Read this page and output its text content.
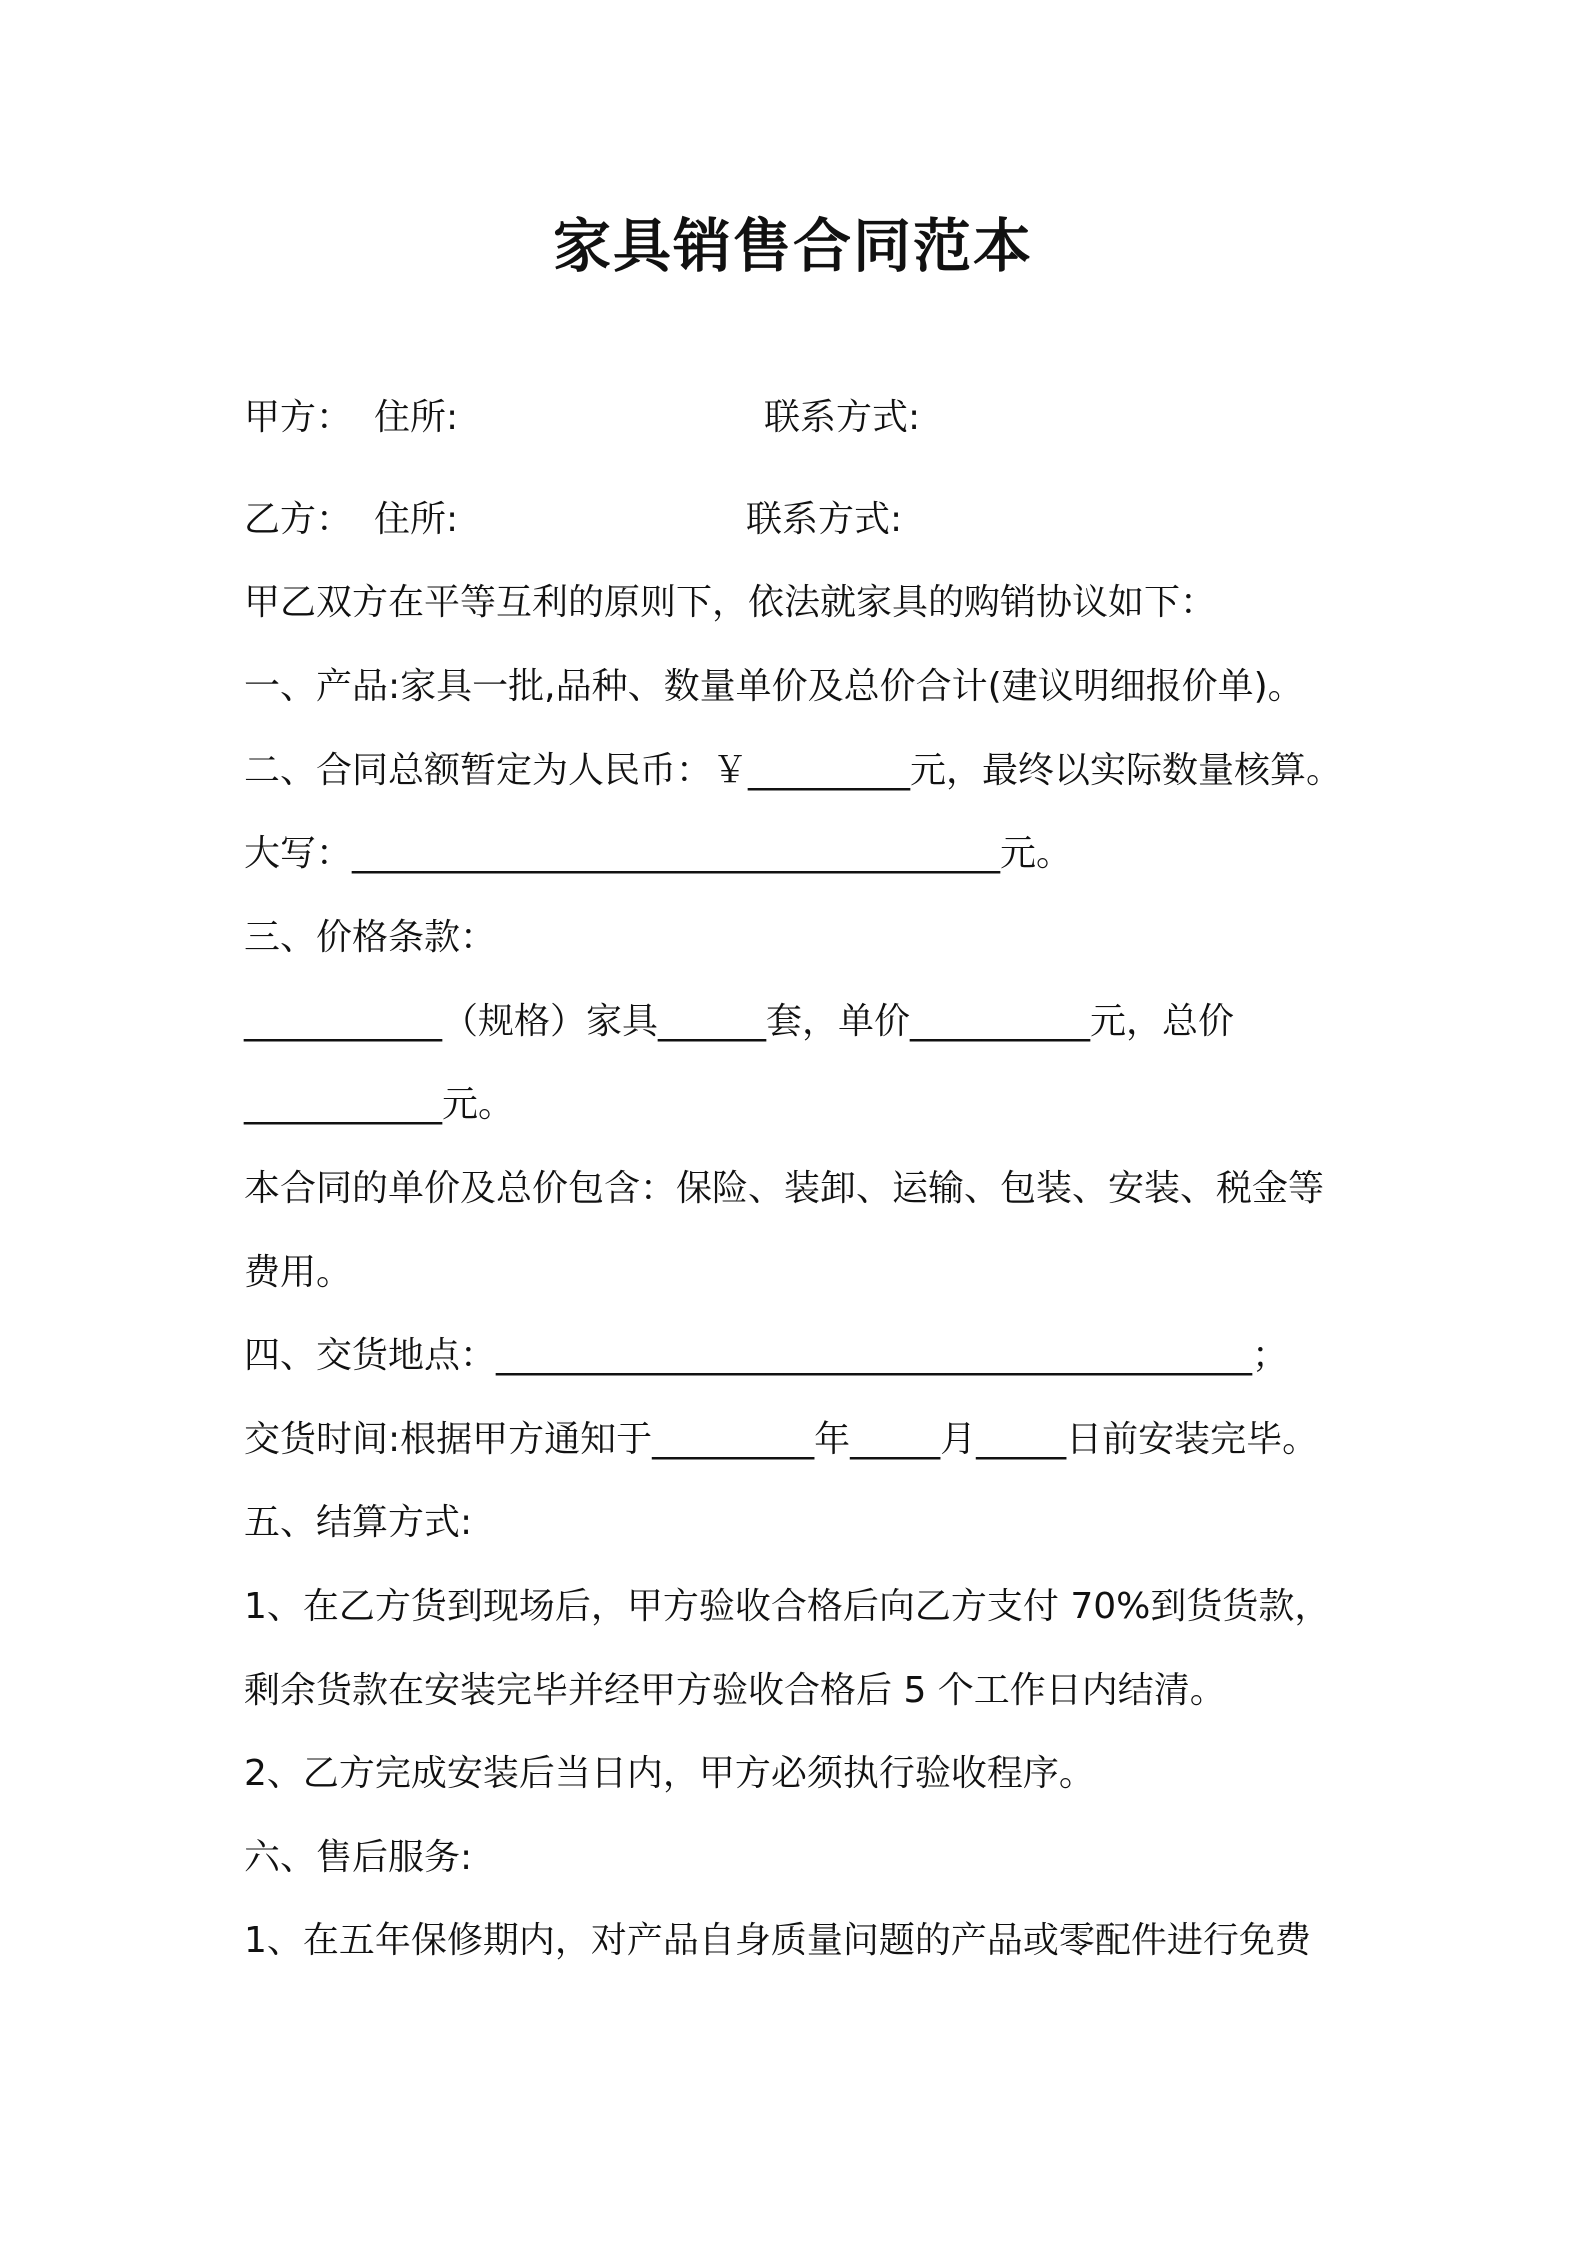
家具销售合同范本

甲方：

住所:

	联系方式:

乙方：

住所:

	联系方式:

甲乙双方在平等互利的原则下，依法就家具的购销协议如下：
一、产品:家具一批,品种、数量单价及总价合计(建议明细报价单)。
二、合同总额暂定为人民币：￥_________元，最终以实际数量核算。
大写：____________________________________元。
三、价格条款：
___________（规格）家具______套，单价__________元，总价
___________元。
本合同的单价及总价包含：保险、装卸、运输、包装、安装、税金等
费用。
四、交货地点：__________________________________________；
交货时间:根据甲方通知于_________年_____月_____日前安装完毕。
五、结算方式:
1、在乙方货到现场后，甲方验收合格后向乙方支付 70%到货货款，
剩余货款在安装完毕并经甲方验收合格后 5 个工作日内结清。
2、乙方完成安装后当日内，甲方必须执行验收程序。
六、售后服务:
1、在五年保修期内，对产品自身质量问题的产品或零配件进行免费
